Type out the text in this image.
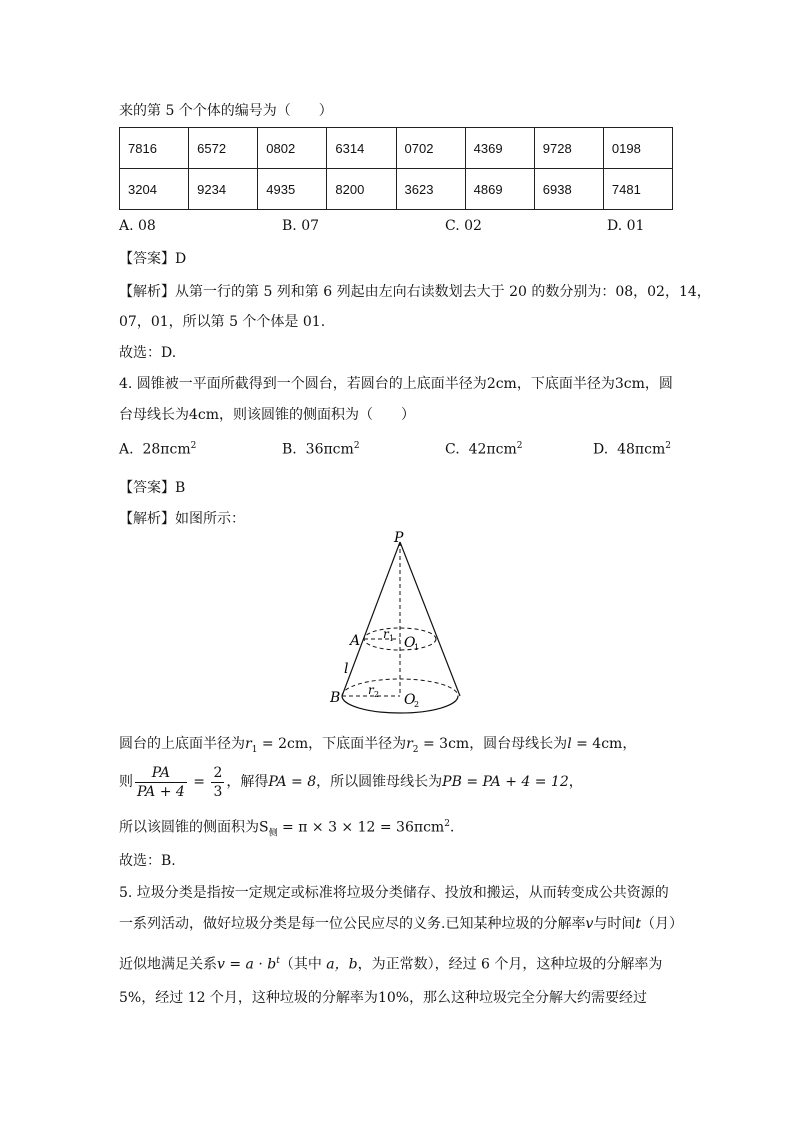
来的第 5 个个体的编号为（　　）
7816	6572	0802	6314	0702	4369	9728	0198
3204	9234	4935	8200	3623	4869	6938	7481
A. 08	B. 07	C. 02	D. 01
【答案】D
【解析】从第一行的第 5 列和第 6 列起由左向右读数划去大于 20 的数分别为：08，02，14，
07，01，所以第 5 个个体是 01.
故选：D.
4. 圆锥被一平面所截得到一个圆台，若圆台的上底面半径为2cm，下底面半径为3cm，圆
台母线长为4cm，则该圆锥的侧面积为（　　）
A. 28πcm$^2$	B. 36πcm$^2$	C. 42πcm$^2$	D. 48πcm$^2$
【答案】B
【解析】如图所示：
P
A
B
l
r 1 O
1
r 2 O
2
圆台的上底面半径为$r_1 = 2cm$，下底面半径为$r_2 = 3cm$，圆台母线长为l = 4cm，
则 $\frac{PA}{PA + 4} = \frac{2}{3}$ ，解得PA = 8，所以圆锥母线长为PB = PA + 4 = 12，
所以该圆锥的侧面积为$S_侧 = \pi \times 3 \times 12 = 36\pi cm^2$.
故选：B.
5. 垃圾分类是指按一定规定或标准将垃圾分类储存、投放和搬运，从而转变成公共资源的
一系列活动，做好垃圾分类是每一位公民应尽的义务.已知某种垃圾的分解率v与时间t（月）
近似地满足关系$v = a \cdot b^t$（其中 a，b，为正常数），经过 6 个月，这种垃圾的分解率为
5%，经过 12 个月，这种垃圾的分解率为10%，那么这种垃圾完全分解大约需要经过
